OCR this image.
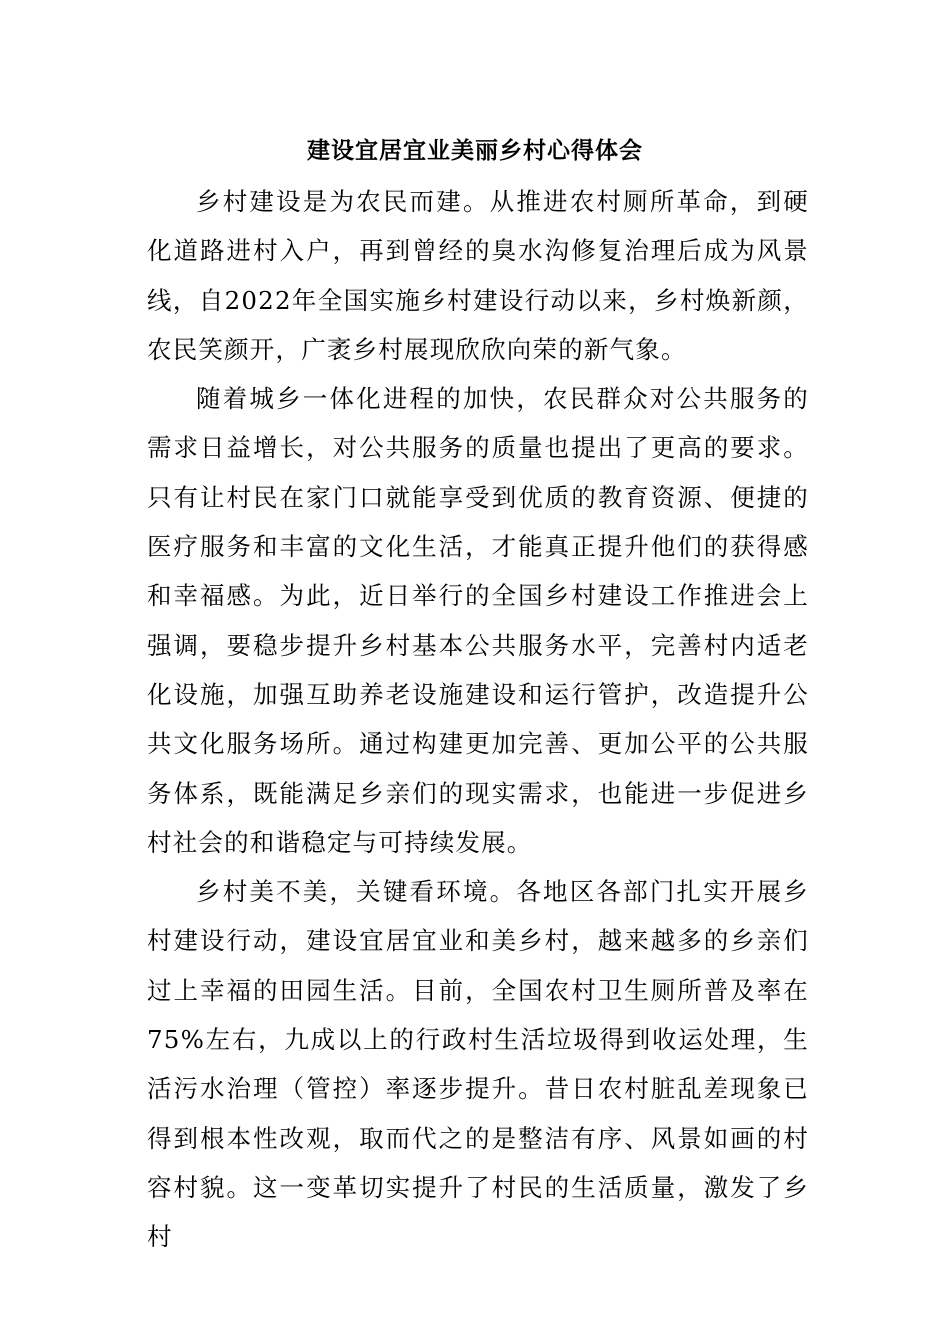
建设宜居宜业美丽乡村心得体会

乡村建设是为农民而建。从推进农村厕所革命，到硬化道路进村入户，再到曾经的臭水沟修复治理后成为风景线，自2022年全国实施乡村建设行动以来，乡村焕新颜，农民笑颜开，广袤乡村展现欣欣向荣的新气象。

随着城乡一体化进程的加快，农民群众对公共服务的需求日益增长，对公共服务的质量也提出了更高的要求。只有让村民在家门口就能享受到优质的教育资源、便捷的医疗服务和丰富的文化生活，才能真正提升他们的获得感和幸福感。为此，近日举行的全国乡村建设工作推进会上强调，要稳步提升乡村基本公共服务水平，完善村内适老化设施，加强互助养老设施建设和运行管护，改造提升公共文化服务场所。通过构建更加完善、更加公平的公共服务体系，既能满足乡亲们的现实需求，也能进一步促进乡村社会的和谐稳定与可持续发展。

乡村美不美，关键看环境。各地区各部门扎实开展乡村建设行动，建设宜居宜业和美乡村，越来越多的乡亲们过上幸福的田园生活。目前，全国农村卫生厕所普及率在75%左右，九成以上的行政村生活垃圾得到收运处理，生活污水治理（管控）率逐步提升。昔日农村脏乱差现象已得到根本性改观，取而代之的是整洁有序、风景如画的村容村貌。这一变革切实提升了村民的生活质量，激发了乡村
